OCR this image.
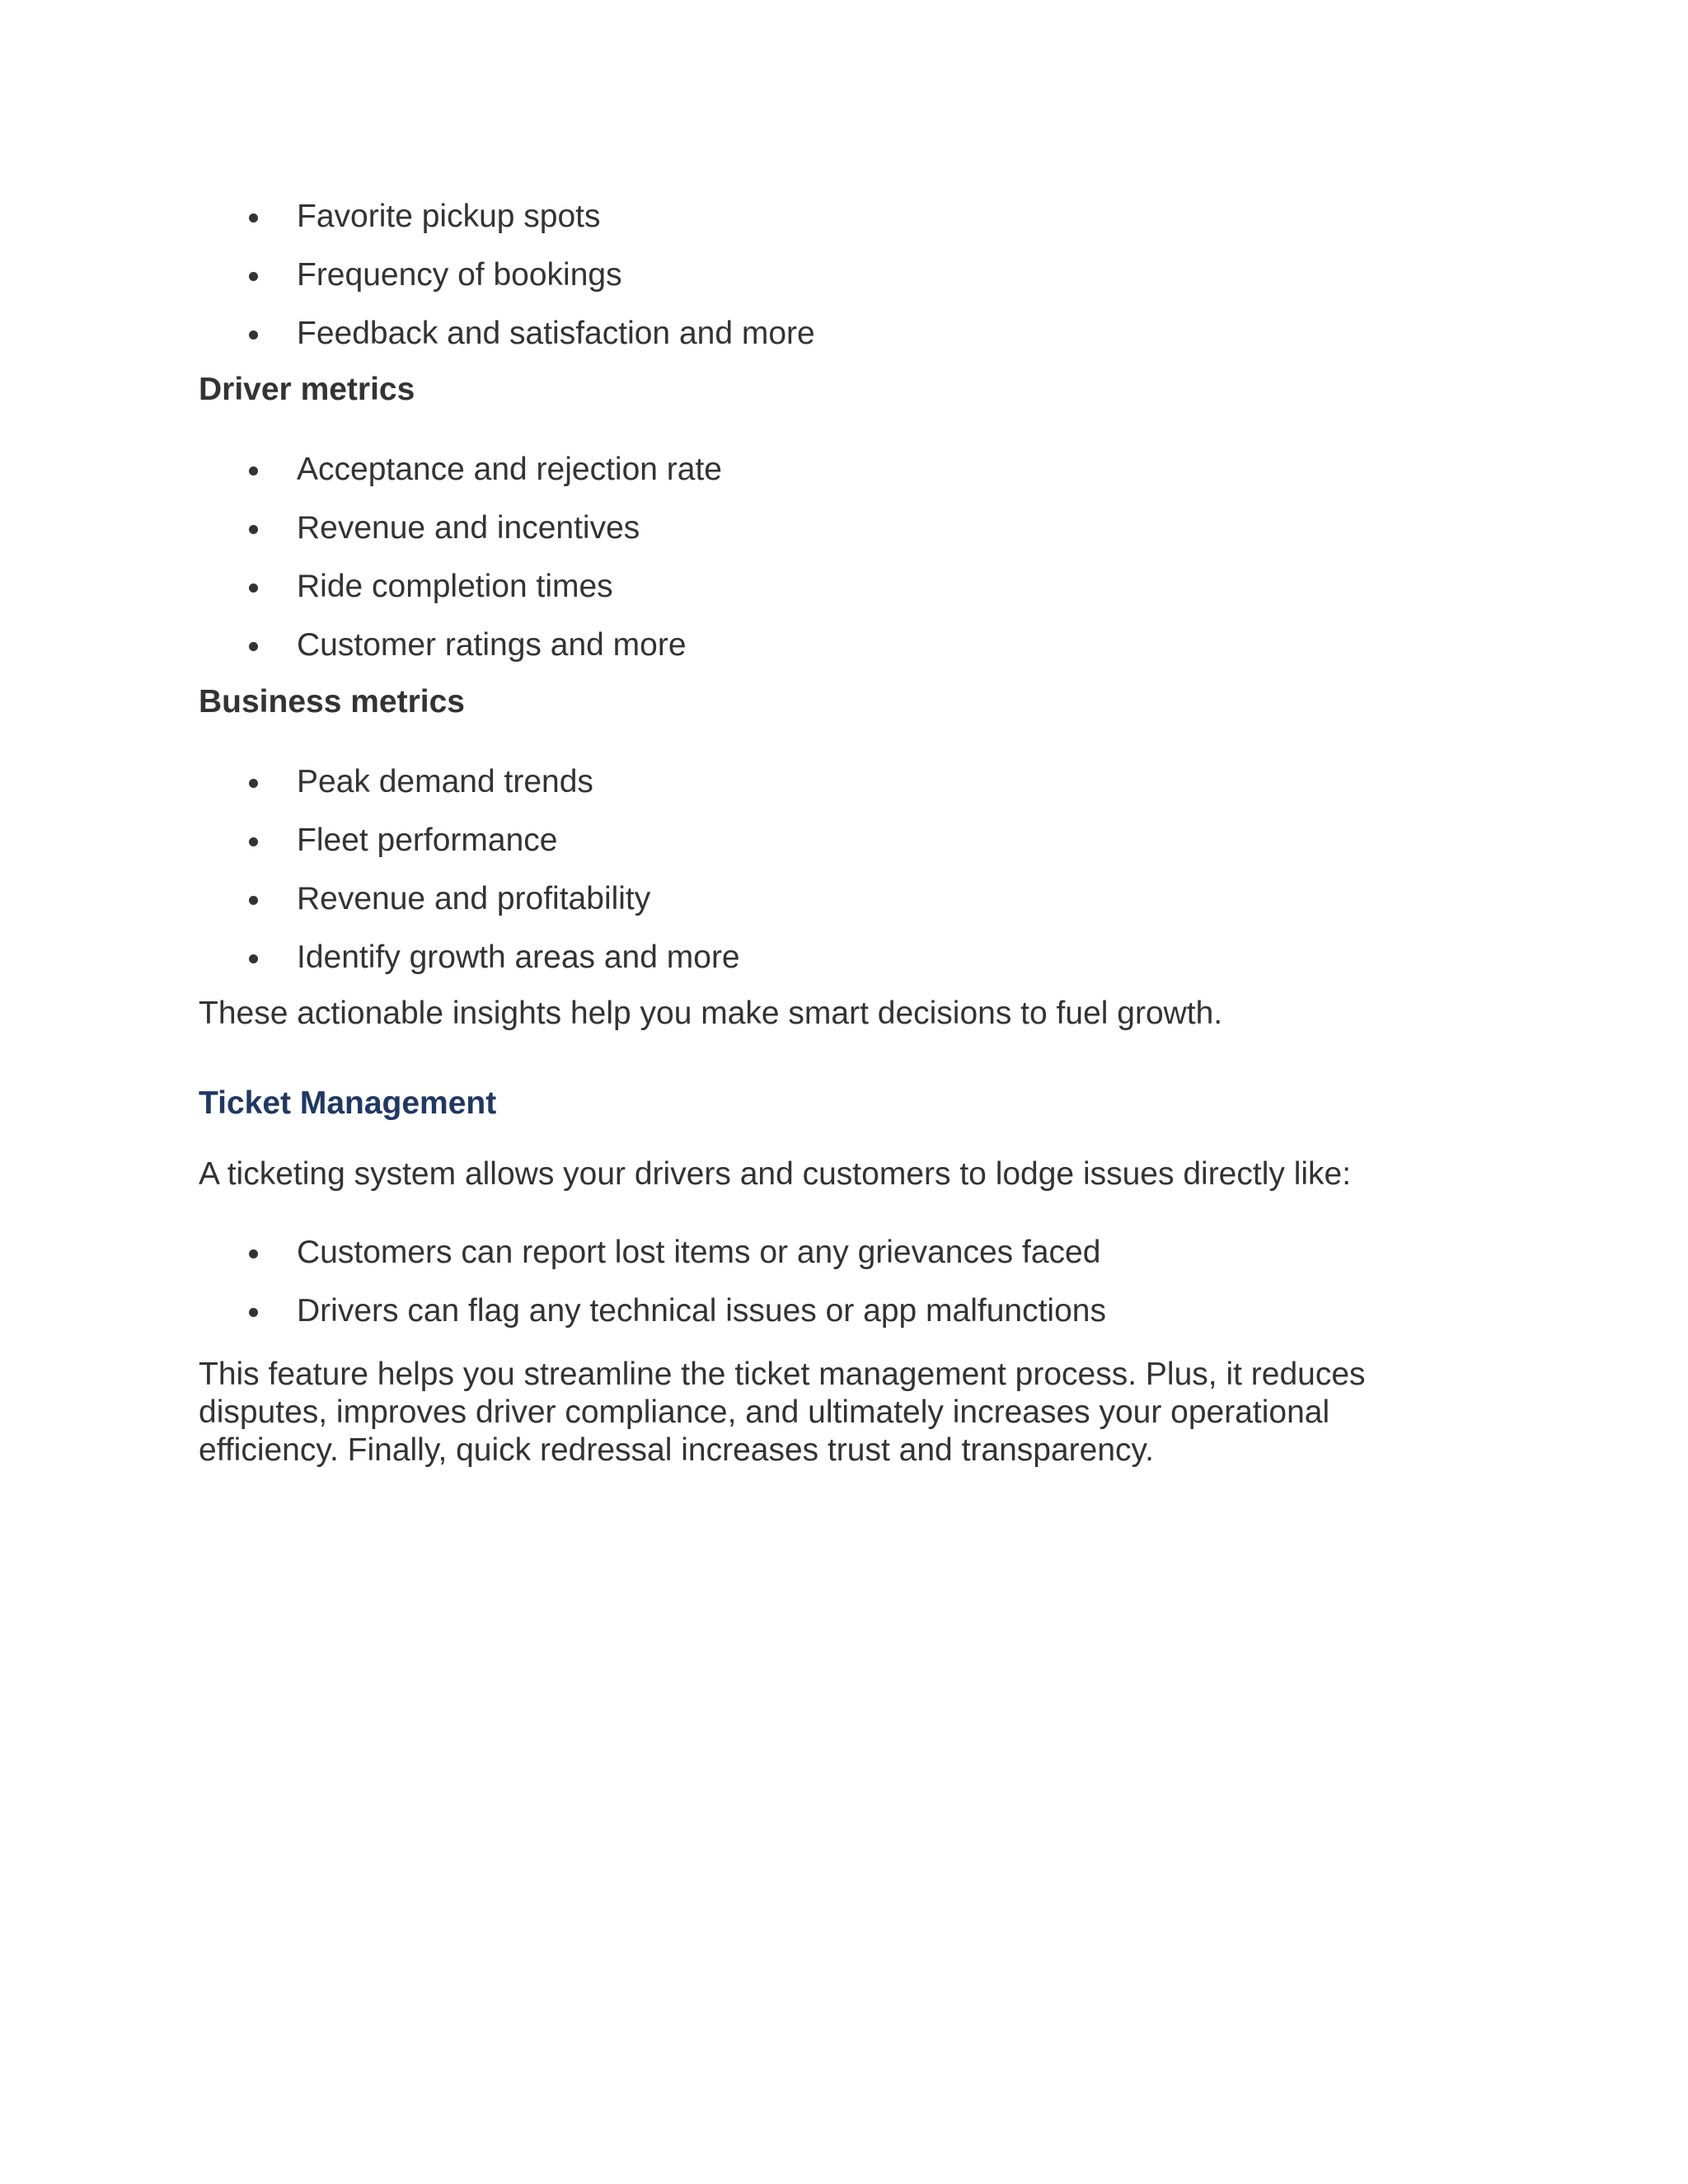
Favorite pickup spots
Frequency of bookings
Feedback and satisfaction and more
Driver metrics
Acceptance and rejection rate
Revenue and incentives
Ride completion times
Customer ratings and more
Business metrics
Peak demand trends
Fleet performance
Revenue and profitability
Identify growth areas and more

These actionable insights help you make smart decisions to fuel growth.

Ticket Management

A ticketing system allows your drivers and customers to lodge issues directly like:

Customers can report lost items or any grievances faced
Drivers can flag any technical issues or app malfunctions

This feature helps you streamline the ticket management process. Plus, it reduces
disputes, improves driver compliance, and ultimately increases your operational
efficiency. Finally, quick redressal increases trust and transparency.
